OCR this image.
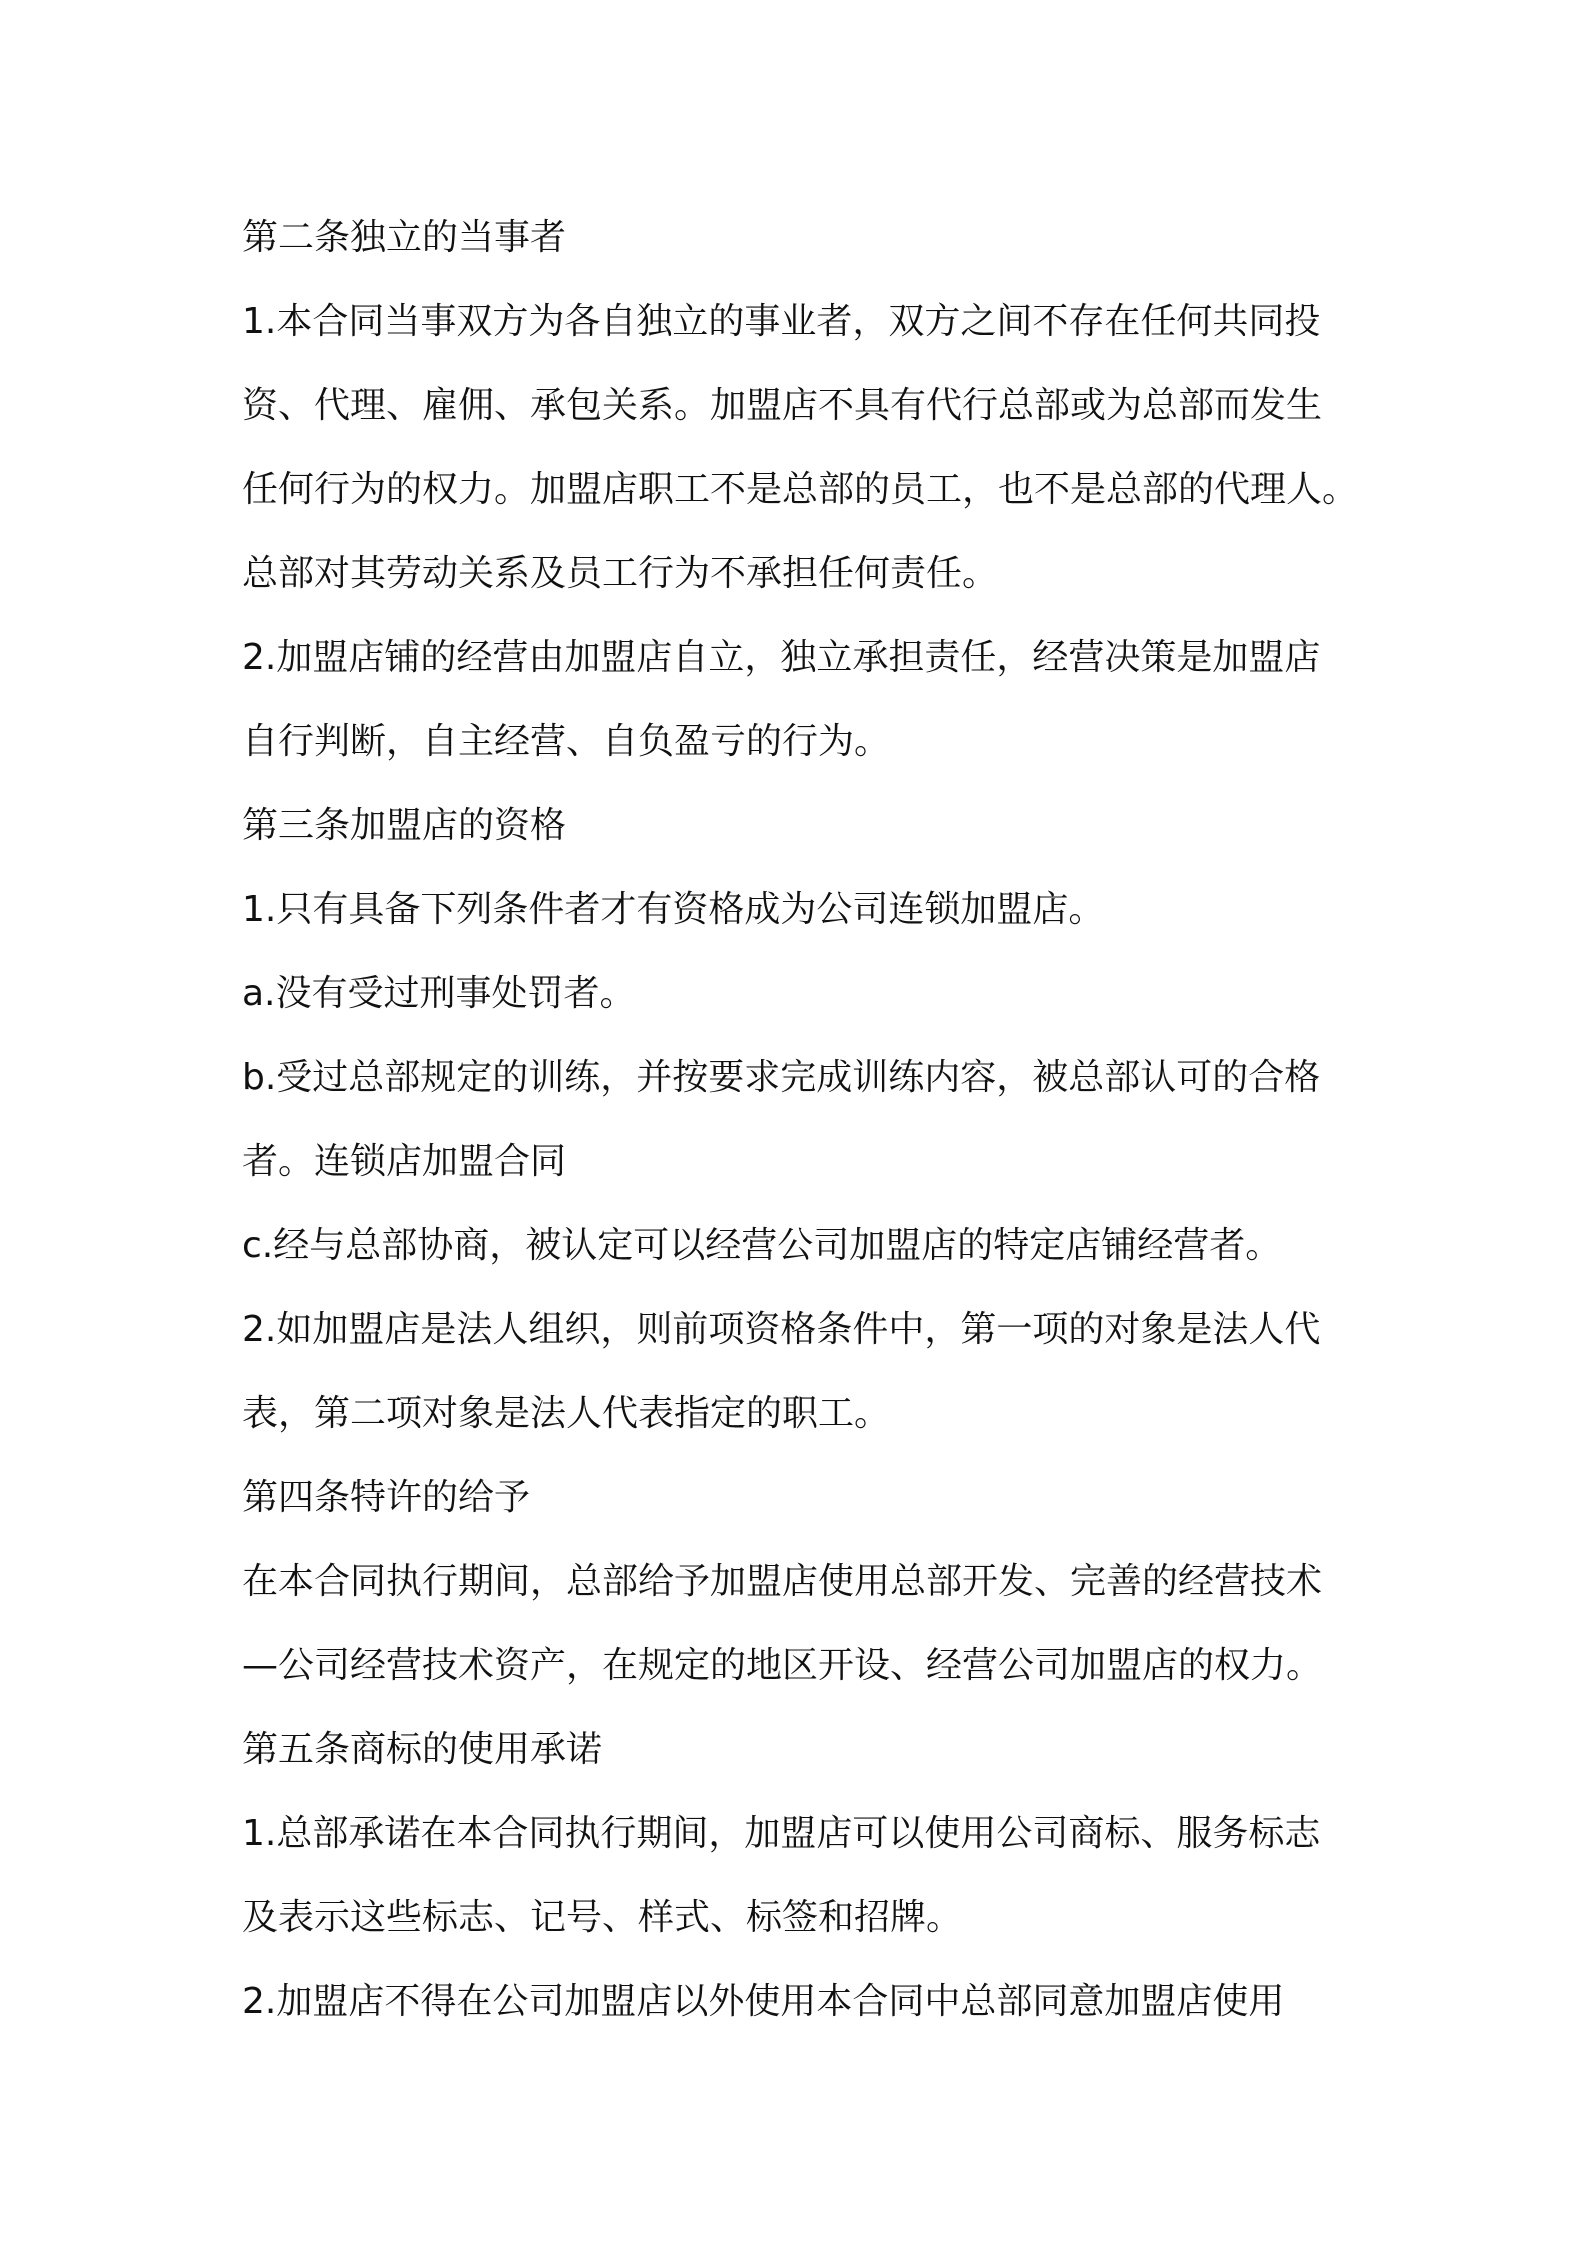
第二条独立的当事者
1.本合同当事双方为各自独立的事业者，双方之间不存在任何共同投
资、代理、雇佣、承包关系。加盟店不具有代行总部或为总部而发生
任何行为的权力。加盟店职工不是总部的员工，也不是总部的代理人。
总部对其劳动关系及员工行为不承担任何责任。
2.加盟店铺的经营由加盟店自立，独立承担责任，经营决策是加盟店
自行判断，自主经营、自负盈亏的行为。
第三条加盟店的资格
1.只有具备下列条件者才有资格成为公司连锁加盟店。
a.没有受过刑事处罚者。
b.受过总部规定的训练，并按要求完成训练内容，被总部认可的合格
者。连锁店加盟合同
c.经与总部协商，被认定可以经营公司加盟店的特定店铺经营者。
2.如加盟店是法人组织，则前项资格条件中，第一项的对象是法人代
表，第二项对象是法人代表指定的职工。
第四条特许的给予
在本合同执行期间，总部给予加盟店使用总部开发、完善的经营技术
—公司经营技术资产，在规定的地区开设、经营公司加盟店的权力。
第五条商标的使用承诺
1.总部承诺在本合同执行期间，加盟店可以使用公司商标、服务标志
及表示这些标志、记号、样式、标签和招牌。
2.加盟店不得在公司加盟店以外使用本合同中总部同意加盟店使用
